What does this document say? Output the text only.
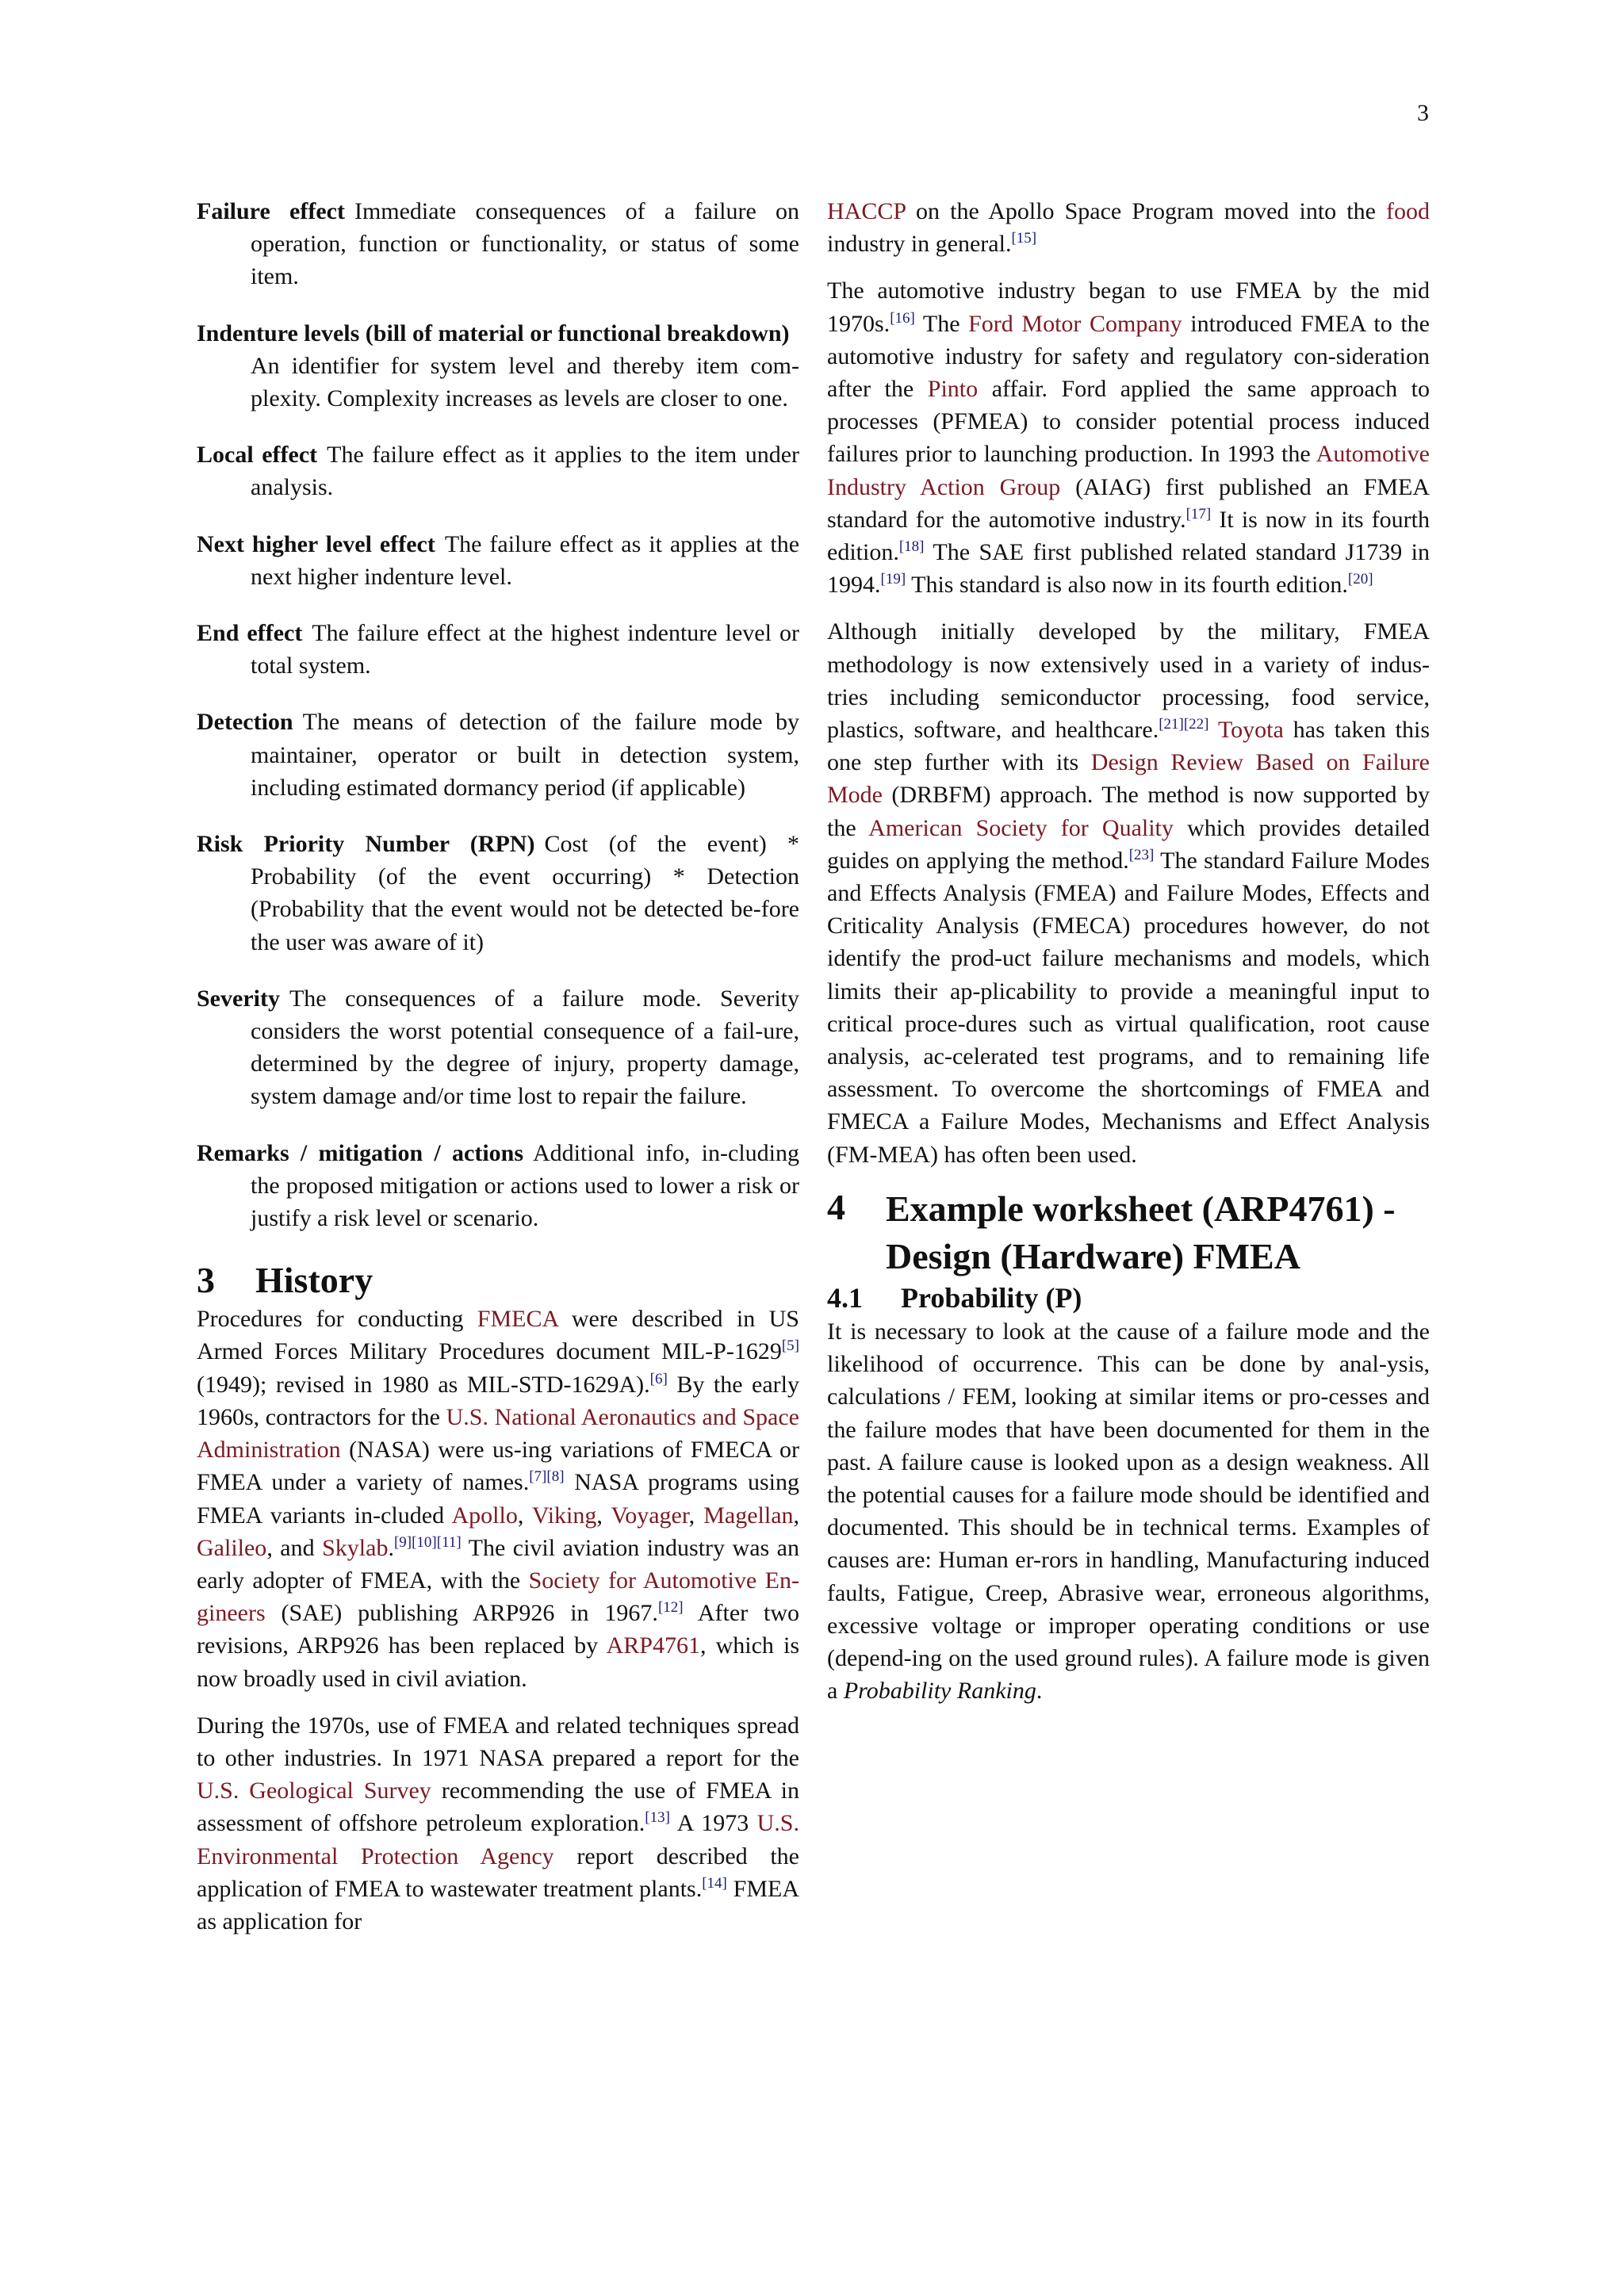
3

Failure effect Immediate consequences of a failure on operation, function or functionality, or status of some item.

Indenture levels (bill of material or functional breakdown)
An identifier for system level and thereby item com-plexity. Complexity increases as levels are closer to one.

Local effect The failure effect as it applies to the item under analysis.

Next higher level effect The failure effect as it applies at the next higher indenture level.

End effect The failure effect at the highest indenture level or total system.

Detection The means of detection of the failure mode by maintainer, operator or built in detection system, including estimated dormancy period (if applicable)

Risk Priority Number (RPN) Cost (of the event) * Probability (of the event occurring) * Detection (Probability that the event would not be detected be-fore the user was aware of it)

Severity The consequences of a failure mode. Severity considers the worst potential consequence of a fail-ure, determined by the degree of injury, property damage, system damage and/or time lost to repair the failure.

Remarks / mitigation / actions Additional info, in-cluding the proposed mitigation or actions used to lower a risk or justify a risk level or scenario.

3 History

Procedures for conducting FMECA were described in US Armed Forces Military Procedures document MIL-P-1629[5] (1949); revised in 1980 as MIL-STD-1629A).[6] By the early 1960s, contractors for the U.S. National Aeronautics and Space Administration (NASA) were us-ing variations of FMECA or FMEA under a variety of names.[7][8] NASA programs using FMEA variants in-cluded Apollo, Viking, Voyager, Magellan, Galileo, and Skylab.[9][10][11] The civil aviation industry was an early adopter of FMEA, with the Society for Automotive En-gineers (SAE) publishing ARP926 in 1967.[12] After two revisions, ARP926 has been replaced by ARP4761, which is now broadly used in civil aviation.

During the 1970s, use of FMEA and related techniques spread to other industries. In 1971 NASA prepared a report for the U.S. Geological Survey recommending the use of FMEA in assessment of offshore petroleum exploration.[13] A 1973 U.S. Environmental Protection Agency report described the application of FMEA to wastewater treatment plants.[14] FMEA as application for

HACCP on the Apollo Space Program moved into the food industry in general.[15]

The automotive industry began to use FMEA by the mid 1970s.[16] The Ford Motor Company introduced FMEA to the automotive industry for safety and regulatory con-sideration after the Pinto affair. Ford applied the same approach to processes (PFMEA) to consider potential process induced failures prior to launching production. In 1993 the Automotive Industry Action Group (AIAG) first published an FMEA standard for the automotive industry.[17] It is now in its fourth edition.[18] The SAE first published related standard J1739 in 1994.[19] This standard is also now in its fourth edition.[20]

Although initially developed by the military, FMEA methodology is now extensively used in a variety of indus-tries including semiconductor processing, food service, plastics, software, and healthcare.[21][22] Toyota has taken this one step further with its Design Review Based on Failure Mode (DRBFM) approach. The method is now supported by the American Society for Quality which provides detailed guides on applying the method.[23] The standard Failure Modes and Effects Analysis (FMEA) and Failure Modes, Effects and Criticality Analysis (FMECA) procedures however, do not identify the prod-uct failure mechanisms and models, which limits their ap-plicability to provide a meaningful input to critical proce-dures such as virtual qualification, root cause analysis, ac-celerated test programs, and to remaining life assessment. To overcome the shortcomings of FMEA and FMECA a Failure Modes, Mechanisms and Effect Analysis (FM-MEA) has often been used.

4	Example worksheet (ARP4761) - Design (Hardware) FMEA
4.1 Probability (P)

It is necessary to look at the cause of a failure mode and the likelihood of occurrence. This can be done by anal-ysis, calculations / FEM, looking at similar items or pro-cesses and the failure modes that have been documented for them in the past. A failure cause is looked upon as a design weakness. All the potential causes for a failure mode should be identified and documented. This should be in technical terms. Examples of causes are: Human er-rors in handling, Manufacturing induced faults, Fatigue, Creep, Abrasive wear, erroneous algorithms, excessive voltage or improper operating conditions or use (depend-ing on the used ground rules). A failure mode is given a Probability Ranking.
